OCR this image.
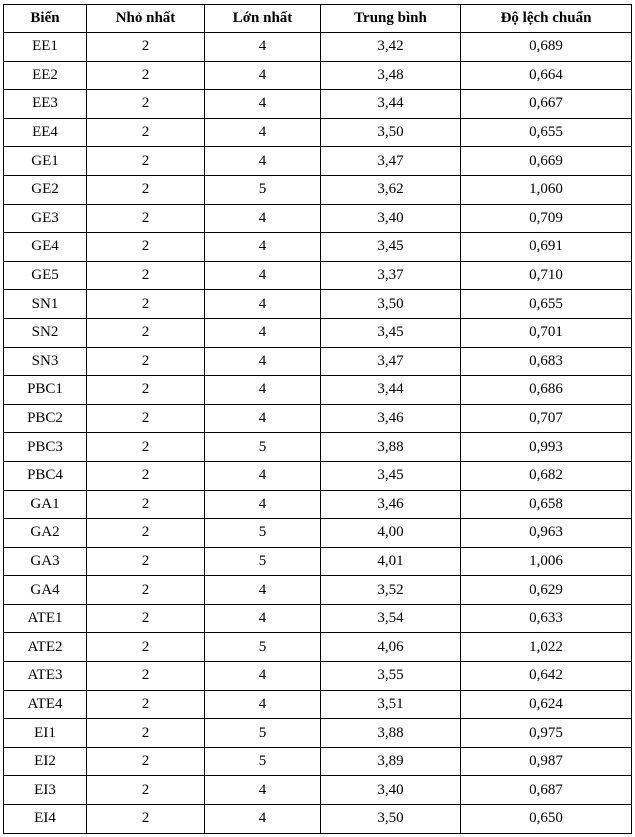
Biến	Nhỏ nhất	Lớn nhất	Trung bình	Độ lệch chuẩn
EE1	2	4	3,42	0,689
EE2	2	4	3,48	0,664
EE3	2	4	3,44	0,667
EE4	2	4	3,50	0,655
GE1	2	4	3,47	0,669
GE2	2	5	3,62	1,060
GE3	2	4	3,40	0,709
GE4	2	4	3,45	0,691
GE5	2	4	3,37	0,710
SN1	2	4	3,50	0,655
SN2	2	4	3,45	0,701
SN3	2	4	3,47	0,683
PBC1	2	4	3,44	0,686
PBC2	2	4	3,46	0,707
PBC3	2	5	3,88	0,993
PBC4	2	4	3,45	0,682
GA1	2	4	3,46	0,658
GA2	2	5	4,00	0,963
GA3	2	5	4,01	1,006
GA4	2	4	3,52	0,629
ATE1	2	4	3,54	0,633
ATE2	2	5	4,06	1,022
ATE3	2	4	3,55	0,642
ATE4	2	4	3,51	0,624
EI1	2	5	3,88	0,975
EI2	2	5	3,89	0,987
EI3	2	4	3,40	0,687
EI4	2	4	3,50	0,650
